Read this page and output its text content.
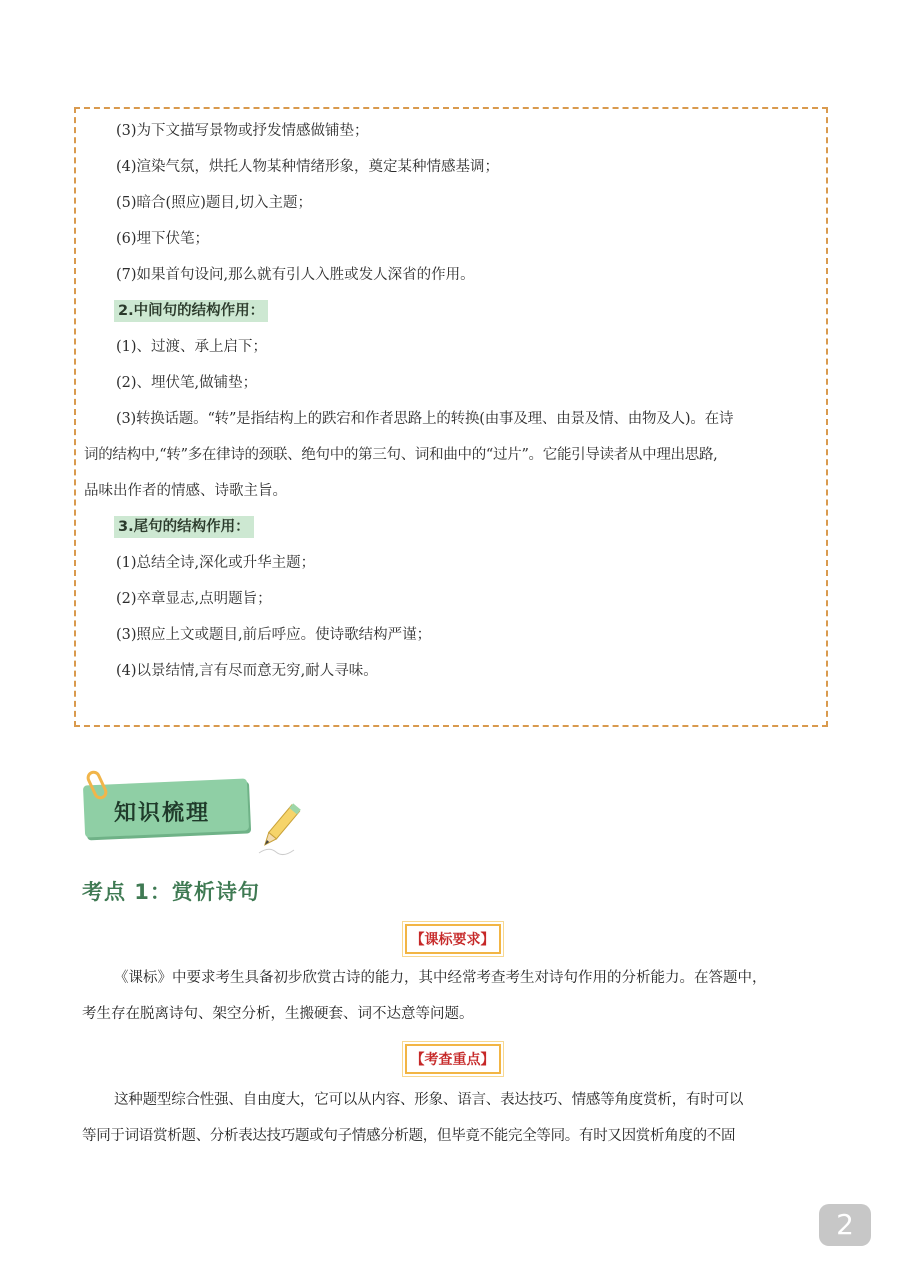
(3)为下文描写景物或抒发情感做铺垫；
(4)渲染气氛，烘托人物某种情绪形象，奠定某种情感基调；
(5)暗合(照应)题目,切入主题；
(6)埋下伏笔；
(7)如果首句设问,那么就有引人入胜或发人深省的作用。
2.中间句的结构作用：
(1)、过渡、承上启下；
(2)、埋伏笔,做铺垫；
(3)转换话题。“转”是指结构上的跌宕和作者思路上的转换(由事及理、由景及情、由物及人)。在诗
词的结构中,“转”多在律诗的颈联、绝句中的第三句、词和曲中的“过片”。它能引导读者从中理出思路,
品味出作者的情感、诗歌主旨。
3.尾句的结构作用：
(1)总结全诗,深化或升华主题；
(2)卒章显志,点明题旨；
(3)照应上文或题目,前后呼应。使诗歌结构严谨；
(4)以景结情,言有尽而意无穷,耐人寻味。
知识梳理
考点 1：赏析诗句
【课标要求】
《课标》中要求考生具备初步欣赏古诗的能力，其中经常考查考生对诗句作用的分析能力。在答题中，
考生存在脱离诗句、架空分析，生搬硬套、词不达意等问题。
【考查重点】
这种题型综合性强、自由度大，它可以从内容、形象、语言、表达技巧、情感等角度赏析，有时可以
等同于词语赏析题、分析表达技巧题或句子情感分析题，但毕竟不能完全等同。有时又因赏析角度的不固
2
